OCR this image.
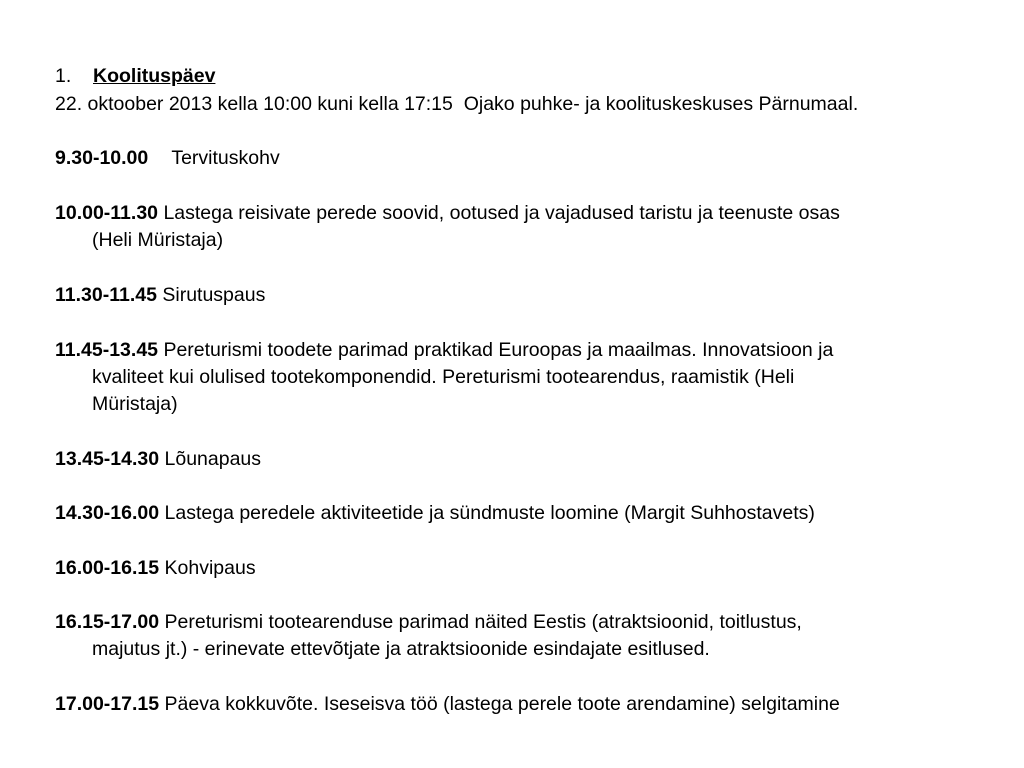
1. Koolituspäev
22. oktoober 2013 kella 10:00 kuni kella 17:15  Ojako puhke- ja koolituskeskuses Pärnumaal.
9.30-10.00 Tervituskohv
10.00-11.30 Lastega reisivate perede soovid, ootused ja vajadused taristu ja teenuste osas
(Heli Müristaja)
11.30-11.45 Sirutuspaus
11.45-13.45 Pereturismi toodete parimad praktikad Euroopas ja maailmas. Innovatsioon ja
kvaliteet kui olulised tootekomponendid. Pereturismi tootearendus, raamistik (Heli
Müristaja)
13.45-14.30 Lõunapaus
14.30-16.00 Lastega peredele aktiviteetide ja sündmuste loomine (Margit Suhhostavets)
16.00-16.15 Kohvipaus
16.15-17.00 Pereturismi tootearenduse parimad näited Eestis (atraktsioonid, toitlustus,
majutus jt.) - erinevate ettevõtjate ja atraktsioonide esindajate esitlused.
17.00-17.15 Päeva kokkuvõte. Iseseisva töö (lastega perele toote arendamine) selgitamine
